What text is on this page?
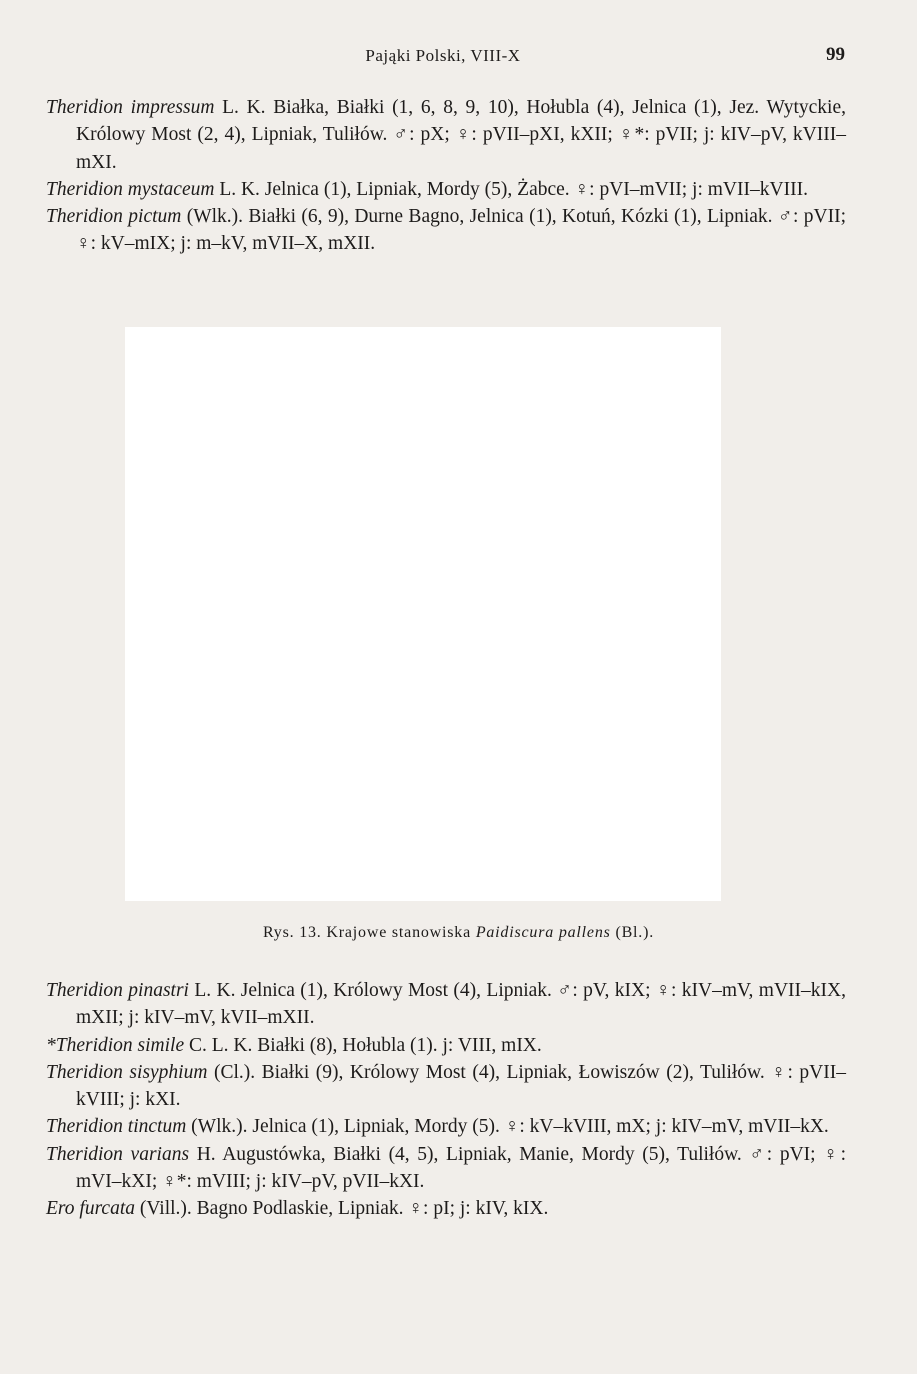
Pająki Polski, VIII-X	99

Theridion impressum L. K. Białka, Białki (1, 6, 8, 9, 10), Hołubla (4), Jelnica (1), Jez. Wytyckie, Królowy Most (2, 4), Lipniak, Tuliłów. ♂: pX; ♀: pVII–pXI, kXII; ♀*: pVII; j: kIV–pV, kVIII–mXI.

Theridion mystaceum L. K. Jelnica (1), Lipniak, Mordy (5), Żabce. ♀: pVI–mVII; j: mVII–kVIII.

Theridion pictum (Wlk.). Białki (6, 9), Durne Bagno, Jelnica (1), Kotuń, Kózki (1), Lipniak. ♂: pVII; ♀: kV–mIX; j: m–kV, mVII–X, mXII.

Rys. 13. Krajowe stanowiska Paidiscura pallens (Bl.).

Theridion pinastri L. K. Jelnica (1), Królowy Most (4), Lipniak. ♂: pV, kIX; ♀: kIV–mV, mVII–kIX, mXII; j: kIV–mV, kVII–mXII.

*Theridion simile C. L. K. Białki (8), Hołubla (1). j: VIII, mIX.

Theridion sisyphium (Cl.). Białki (9), Królowy Most (4), Lipniak, Łowiszów (2), Tuliłów. ♀: pVII–kVIII; j: kXI.

Theridion tinctum (Wlk.). Jelnica (1), Lipniak, Mordy (5). ♀: kV–kVIII, mX; j: kIV–mV, mVII–kX.

Theridion varians H. Augustówka, Białki (4, 5), Lipniak, Manie, Mordy (5), Tuliłów. ♂: pVI; ♀: mVI–kXI; ♀*: mVIII; j: kIV–pV, pVII–kXI.

Ero furcata (Vill.). Bagno Podlaskie, Lipniak. ♀: pI; j: kIV, kIX.
